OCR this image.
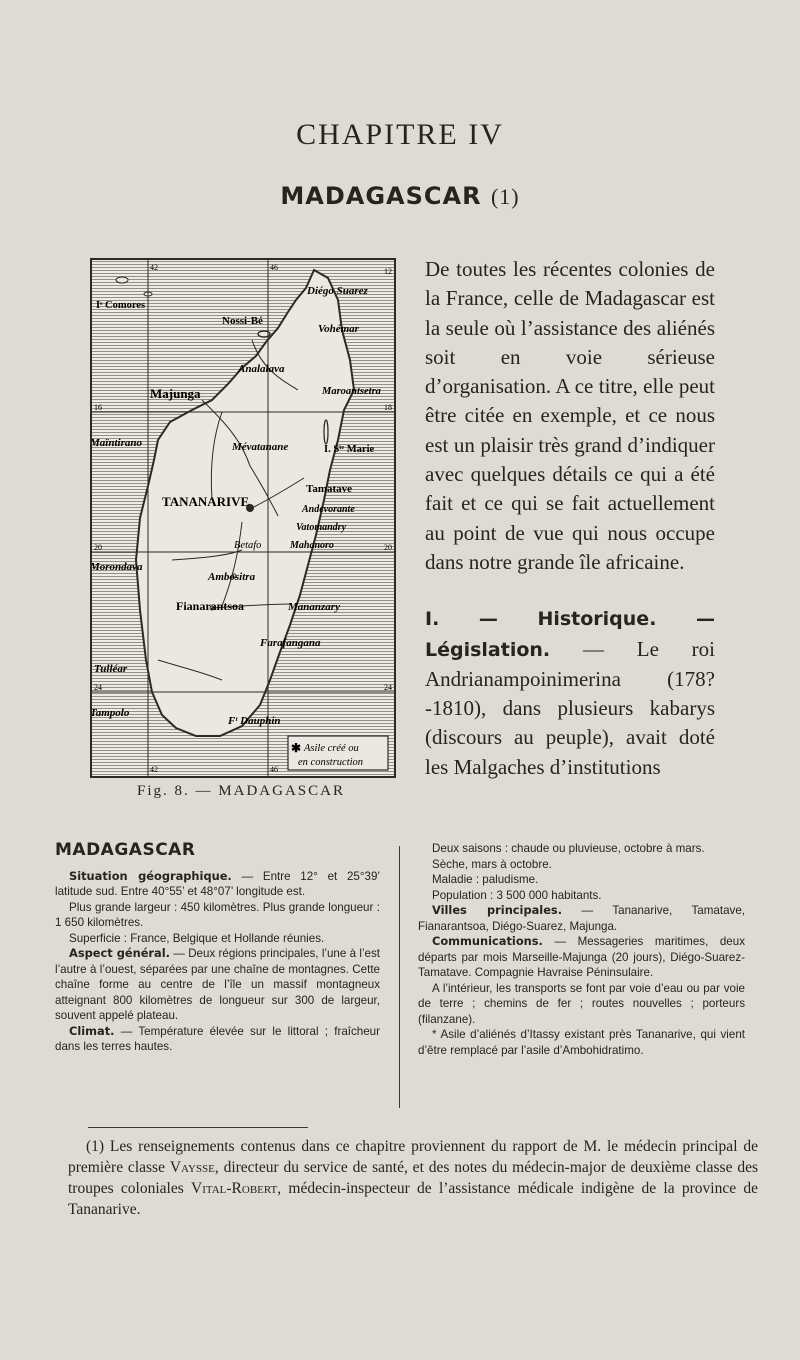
CHAPITRE IV
MADAGASCAR (1)
Iˢ Comores
Nossi-Bé
Diégo Suarez
Vohémar
Analalava
Majunga	Maroantsetra
Maïntirano	Mévatanane	I. Sᵗᵉ Marie
TANANARIVE
Tamatave
Andevorante
Vatomandry
Mahanoro
Betafo
Morondava
Ambositra
Fianarantsoa	Mananzary
Farafangana
Tulléar
Tampolo
Fᵗ Dauphin
42	46	12
16	18
20	20
24	24
42	46
✱ Asile créé ou
en construction
Fig. 8. — MADAGASCAR

De toutes les récentes colonies de la France, celle de Madagascar est la seule où l’assistance des aliénés soit en voie sérieuse d’organisation. A ce titre, elle peut être citée en exemple, et ce nous est un plaisir très grand d’indiquer avec quelques détails ce qui a été fait et ce qui se fait actuellement au point de vue qui nous occupe dans notre grande île africaine.

I. — Historique. — Législation. — Le roi Andrianampoinimerina (178?-1810), dans plusieurs kabarys (discours au peuple), avait doté les Malgaches d’institutions

MADAGASCAR

Situation géographique. — Entre 12° et 25°39’ latitude sud. Entre 40°55’ et 48°07’ longitude est.

Plus grande largeur : 450 kilomètres. Plus grande longueur : 1 650 kilomètres.

Superficie : France, Belgique et Hollande réunies.

Aspect général. — Deux régions principales, l’une à l’est l’autre à l’ouest, séparées par une chaîne de montagnes. Cette chaîne forme au centre de l’île un massif montagneux atteignant 800 kilomètres de longueur sur 300 de largeur, souvent appelé plateau.

Climat. — Température élevée sur le littoral ; fraîcheur dans les terres hautes.

Deux saisons : chaude ou pluvieuse, octobre à mars.

Sèche, mars à octobre.

Maladie : paludisme.

Population : 3 500 000 habitants.

Villes principales. — Tananarive, Tamatave, Fianarantsoa, Diégo-Suarez, Majunga.

Communications. — Messageries maritimes, deux départs par mois Marseille-Majunga (20 jours), Diégo-Suarez-Tamatave. Compagnie Havraise Péninsulaire.

A l’intérieur, les transports se font par voie d’eau ou par voie de terre ; chemins de fer ; routes nouvelles ; porteurs (filanzane).

* Asile d’aliénés d’Itassy existant près Tananarive, qui vient d’être remplacé par l’asile d’Ambohidratimo.

(1) Les renseignements contenus dans ce chapitre proviennent du rapport de M. le médecin principal de première classe Vaysse, directeur du service de santé, et des notes du médecin-major de deuxième classe des troupes coloniales Vital-Robert, médecin-inspecteur de l’assistance médicale indigène de la province de Tananarive.
